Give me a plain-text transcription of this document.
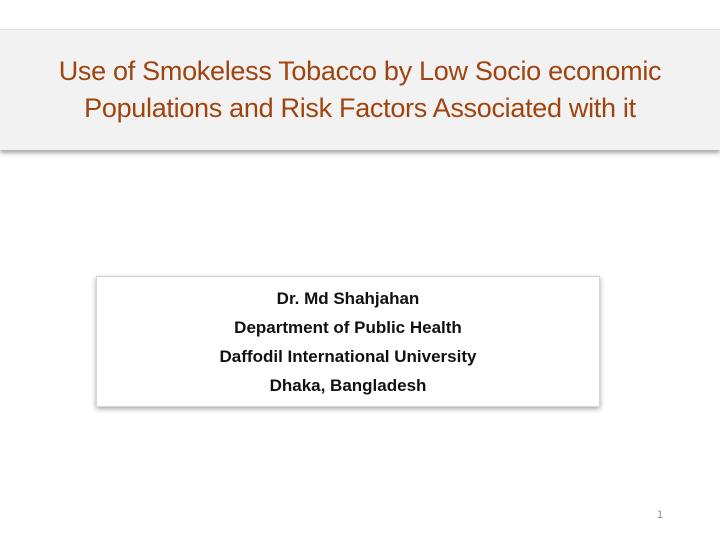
Use of Smokeless Tobacco by Low Socio economic
Populations and Risk Factors Associated with it
Dr. Md Shahjahan
Department of Public Health
Daffodil International University
Dhaka, Bangladesh
1
